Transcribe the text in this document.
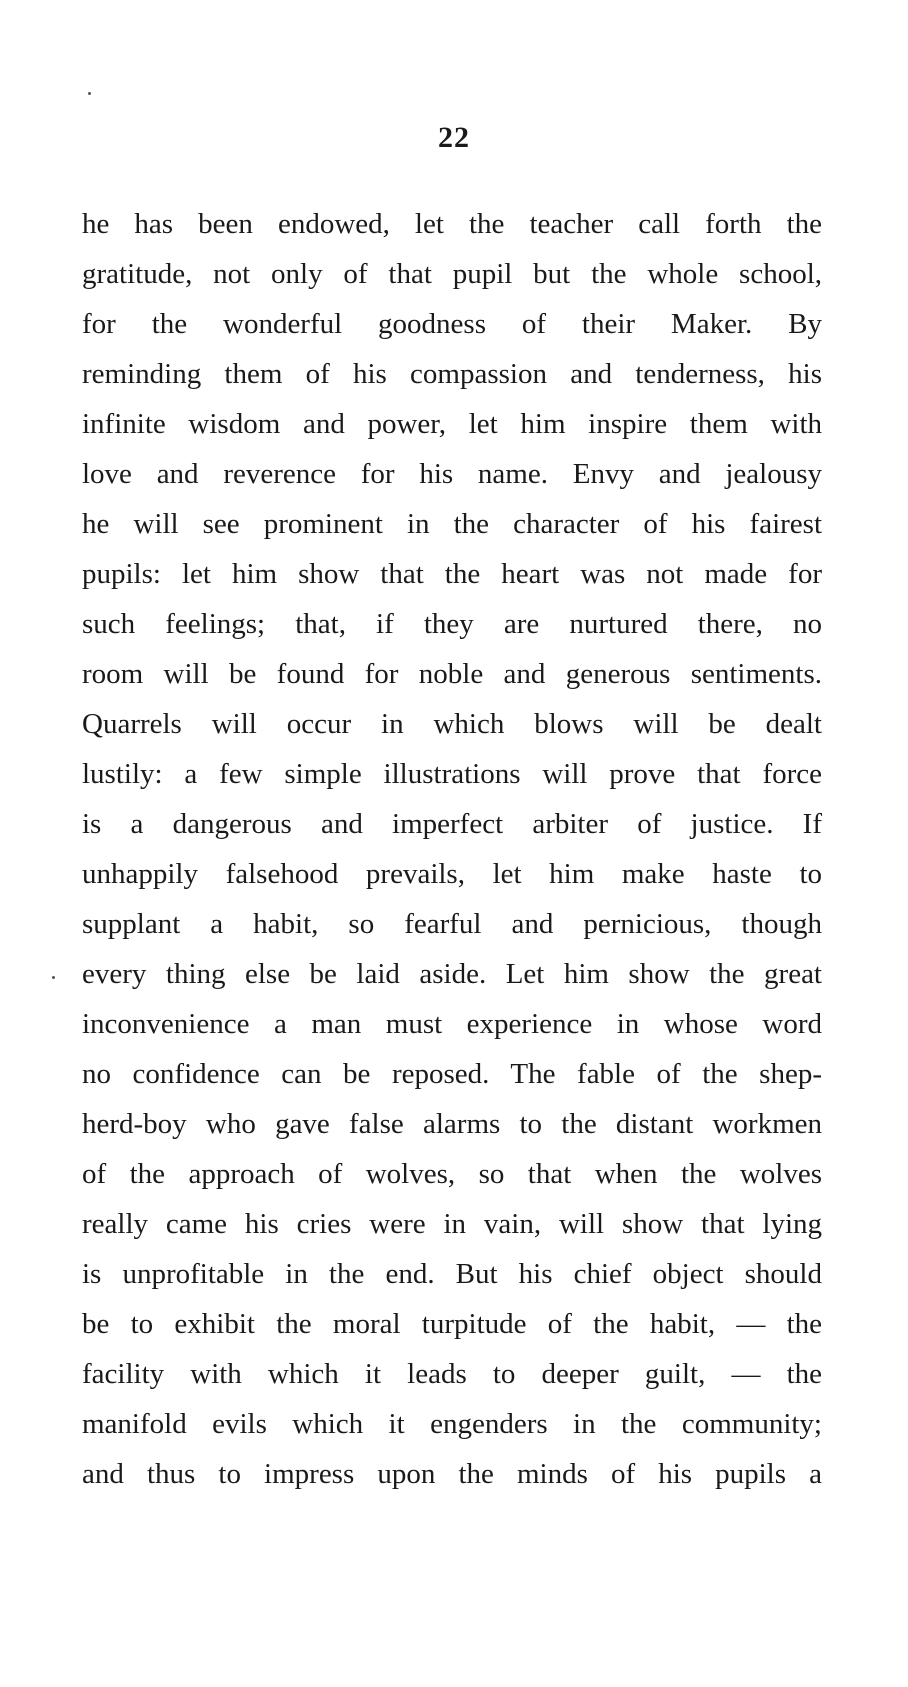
22
he has been endowed, let the teacher call forth the
gratitude, not only of that pupil but the whole school,
for the wonderful goodness of their Maker. By
reminding them of his compassion and tenderness, his
infinite wisdom and power, let him inspire them with
love and reverence for his name. Envy and jealousy
he will see prominent in the character of his fairest
pupils: let him show that the heart was not made for
such feelings; that, if they are nurtured there, no
room will be found for noble and generous sentiments.
Quarrels will occur in which blows will be dealt
lustily: a few simple illustrations will prove that force
is a dangerous and imperfect arbiter of justice. If
unhappily falsehood prevails, let him make haste to
supplant a habit, so fearful and pernicious, though
every thing else be laid aside. Let him show the great
inconvenience a man must experience in whose word
no confidence can be reposed. The fable of the shep-
herd-boy who gave false alarms to the distant workmen
of the approach of wolves, so that when the wolves
really came his cries were in vain, will show that lying
is unprofitable in the end. But his chief object should
be to exhibit the moral turpitude of the habit, — the
facility with which it leads to deeper guilt, — the
manifold evils which it engenders in the community;
and thus to impress upon the minds of his pupils a
